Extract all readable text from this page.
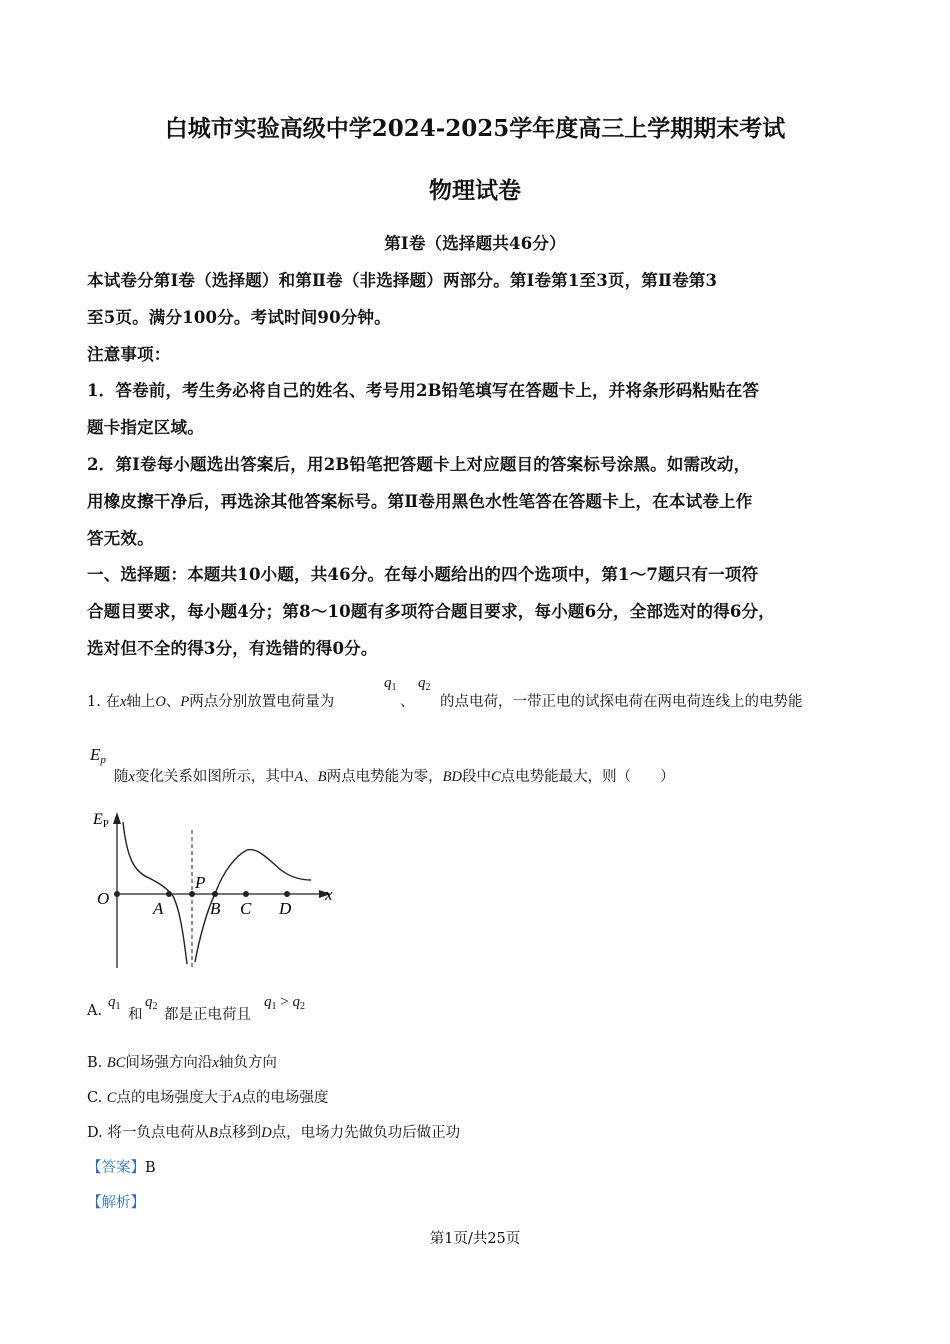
白城市实验高级中学2024-2025学年度高三上学期期末考试
物理试卷
第Ⅰ卷（选择题共46分）
本试卷分第Ⅰ卷（选择题）和第Ⅱ卷（非选择题）两部分。第Ⅰ卷第1至3页，第Ⅱ卷第3
至5页。满分100分。考试时间90分钟。
注意事项：
1．答卷前，考生务必将自己的姓名、考号用2B铅笔填写在答题卡上，并将条形码粘贴在答
题卡指定区域。
2．第Ⅰ卷每小题选出答案后，用2B铅笔把答题卡上对应题目的答案标号涂黑。如需改动，
用橡皮擦干净后，再选涂其他答案标号。第Ⅱ卷用黑色水性笔答在答题卡上，在本试卷上作
答无效。
一、选择题：本题共10小题，共46分。在每小题给出的四个选项中，第1～7题只有一项符
合题目要求，每小题4分；第8～10题有多项符合题目要求，每小题6分，全部选对的得6分，
选对但不全的得3分，有选错的得0分。
1. 在x轴上O、P两点分别放置电荷量为
$q_1$
、
$q_2$
的点电荷，一带正电的试探电荷在两电荷连线上的电势能
$E_p$
随x变化关系如图所示，其中A、B两点电势能为零，BD段中C点电势能最大，则（　　）
EP
x
O
A
P
B C D
A.
$q_1$
和
$q_2$
都是正电荷且
$q_1 > q_2$
B. BC间场强方向沿x轴负方向
C. C点的电场强度大于A点的电场强度
D. 将一负点电荷从B点移到D点，电场力先做负功后做正功
【答案】B
【解析】
第1页/共25页
